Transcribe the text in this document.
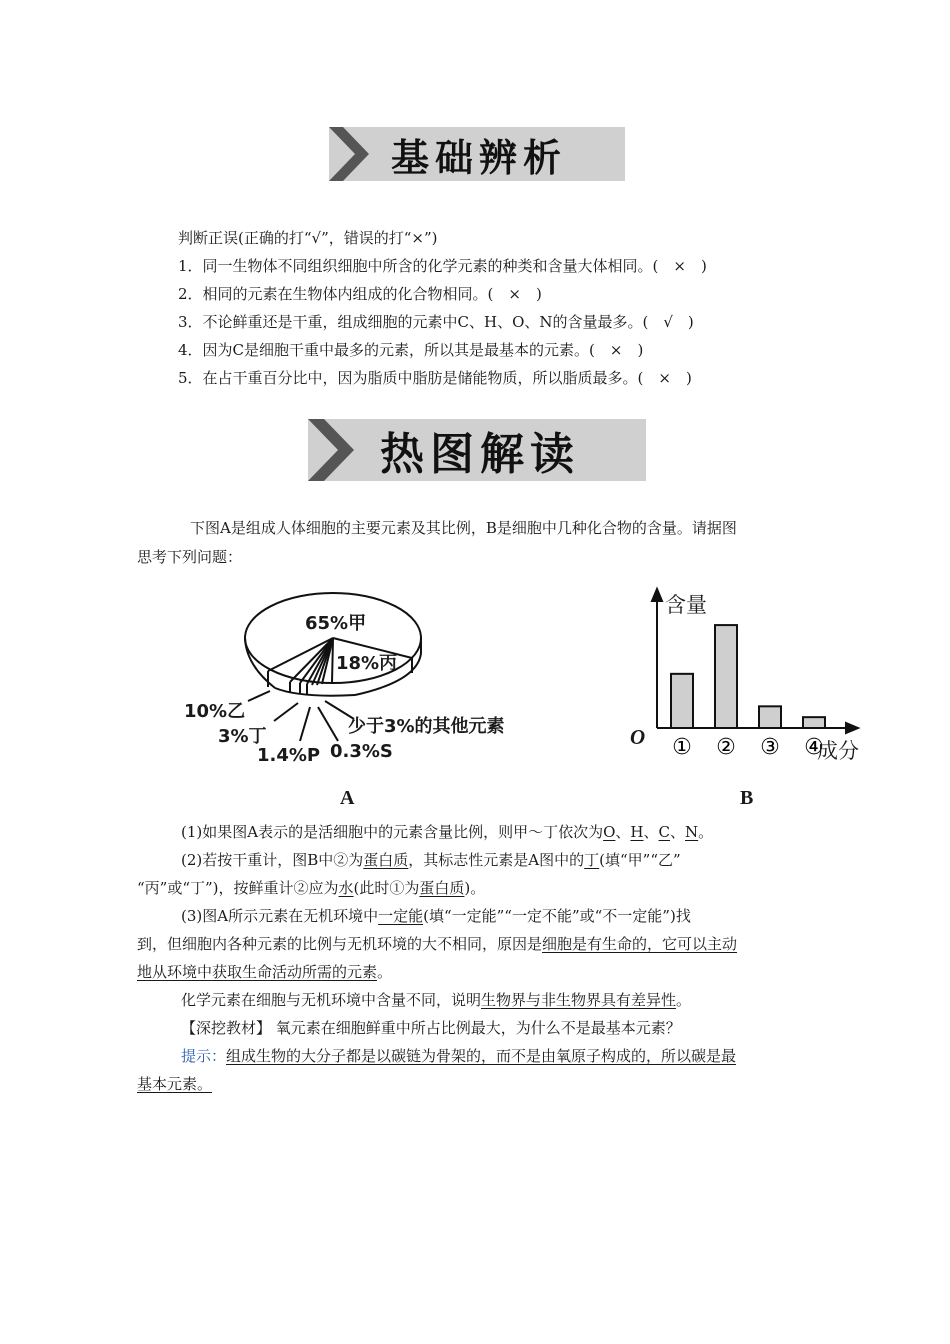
基础辨析
判断正误(正确的打“√”，错误的打“×”)
1．同一生物体不同组织细胞中所含的化学元素的种类和含量大体相同。(　×　)
2．相同的元素在生物体内组成的化合物相同。(　×　)
3．不论鲜重还是干重，组成细胞的元素中C、H、O、N的含量最多。(　√　)
4．因为C是细胞干重中最多的元素，所以其是最基本的元素。(　×　)
5．在占干重百分比中，因为脂质中脂肪是储能物质，所以脂质最多。(　×　)
热图解读
下图A是组成人体细胞的主要元素及其比例，B是细胞中几种化合物的含量。请据图
思考下列问题：
65%甲
18%丙
10%乙
3%丁
1.4%P 0.3%S
少于3%的其他元素
A
① ② ③ ④
含量
成分
O
B
(1)如果图A表示的是活细胞中的元素含量比例，则甲～丁依次为O、H、C、N。
(2)若按干重计，图B中②为蛋白质，其标志性元素是A图中的丁(填“甲”“乙”
“丙”或“丁”)，按鲜重计②应为水(此时①为蛋白质)。
(3)图A所示元素在无机环境中一定能(填“一定能”“一定不能”或“不一定能”)找
到，但细胞内各种元素的比例与无机环境的大不相同，原因是细胞是有生命的，它可以主动
地从环境中获取生命活动所需的元素。
化学元素在细胞与无机环境中含量不同，说明生物界与非生物界具有差异性。
【深挖教材】 氧元素在细胞鲜重中所占比例最大，为什么不是最基本元素？
提示：组成生物的大分子都是以碳链为骨架的，而不是由氧原子构成的，所以碳是最
基本元素。
